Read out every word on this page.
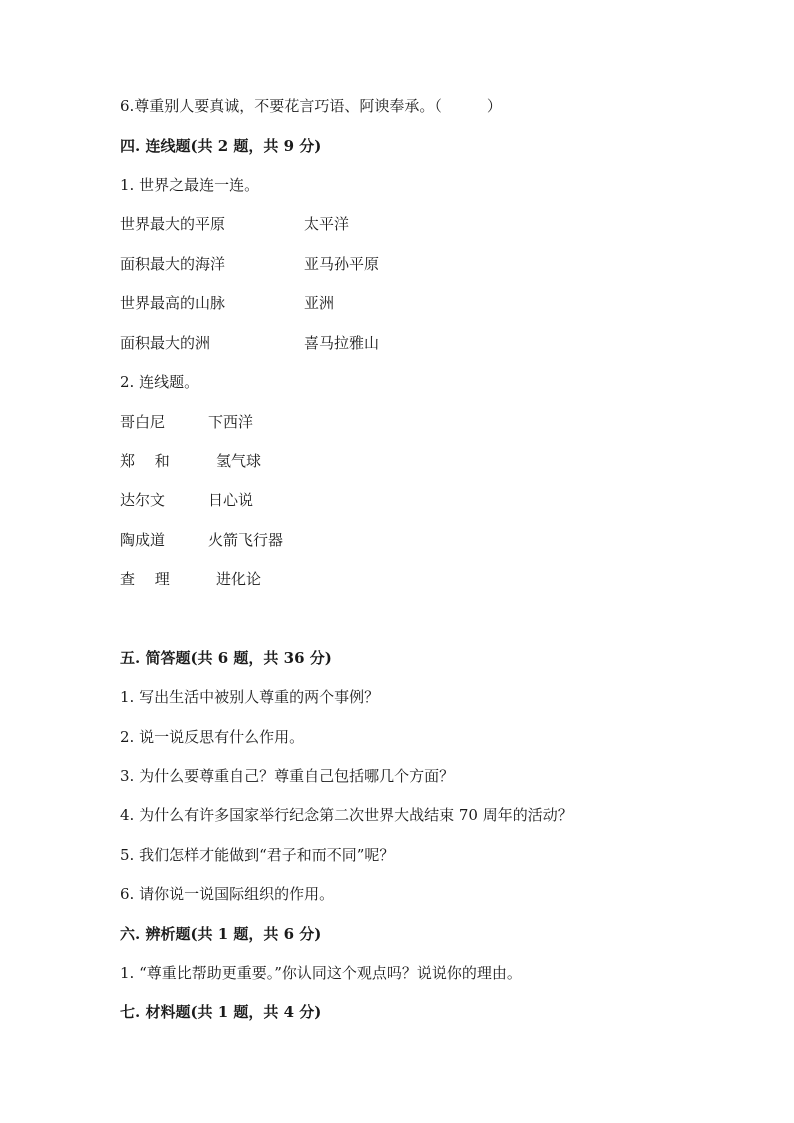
6.尊重别人要真诚，不要花言巧语、阿谀奉承。（　　　）
四. 连线题(共 2 题，共 9 分)
1. 世界之最连一连。
世界最大的平原	太平洋
面积最大的海洋	亚马孙平原
世界最高的山脉	亚洲
面积最大的洲	喜马拉雅山
2. 连线题。
哥白尼	下西洋
郑　 和	氢气球
达尔文	日心说
陶成道	火箭飞行器
查　 理	进化论
五. 简答题(共 6 题，共 36 分)
1. 写出生活中被别人尊重的两个事例？
2. 说一说反思有什么作用。
3. 为什么要尊重自己？尊重自己包括哪几个方面？
4. 为什么有许多国家举行纪念第二次世界大战结束 70 周年的活动？
5. 我们怎样才能做到“君子和而不同”呢？
6. 请你说一说国际组织的作用。
六. 辨析题(共 1 题，共 6 分)
1. “尊重比帮助更重要。”你认同这个观点吗？说说你的理由。
七. 材料题(共 1 题，共 4 分)
